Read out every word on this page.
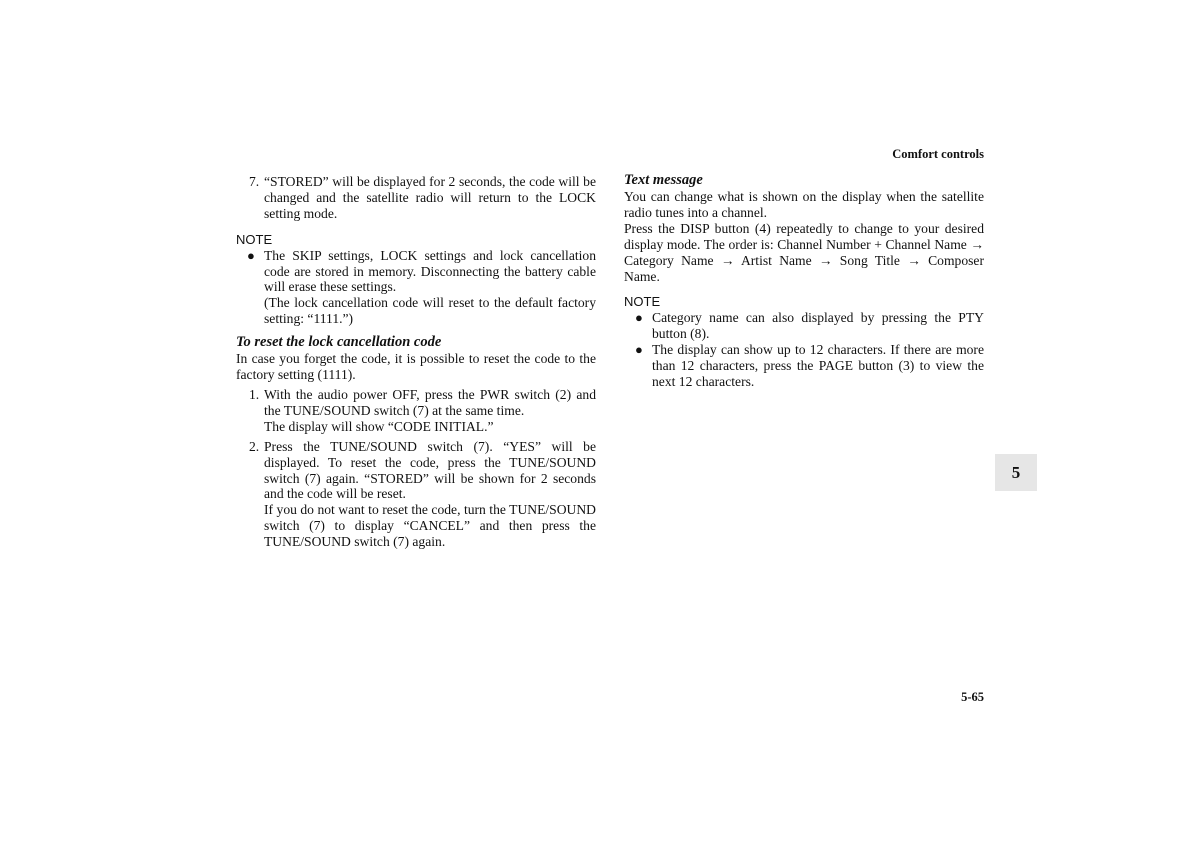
Comfort controls

7. “STORED” will be displayed for 2 seconds, the code will be changed and the satellite radio will return to the LOCK setting mode.

NOTE

● The SKIP settings, LOCK settings and lock cancellation code are stored in memory. Disconnecting the battery cable will erase these settings.
(The lock cancellation code will reset to the default factory setting: “1111.”)

To reset the lock cancellation code

In case you forget the code, it is possible to reset the code to the factory setting (1111).

1. With the audio power OFF, press the PWR switch (2) and the TUNE/SOUND switch (7) at the same time.
The display will show “CODE INITIAL.”

2. Press the TUNE/SOUND switch (7). “YES” will be displayed. To reset the code, press the TUNE/SOUND switch (7) again. “STORED” will be shown for 2 seconds and the code will be reset.
If you do not want to reset the code, turn the TUNE/SOUND switch (7) to display “CANCEL” and then press the TUNE/SOUND switch (7) again.

Text message

You can change what is shown on the display when the satellite radio tunes into a channel.

Press the DISP button (4) repeatedly to change to your desired display mode. The order is: Channel Number + Channel Name → Category Name → Artist Name → Song Title → Composer Name.

NOTE

● Category name can also displayed by pressing the PTY button (8).

● The display can show up to 12 characters. If there are more than 12 characters, press the PAGE button (3) to view the next 12 characters.

5
5-65
